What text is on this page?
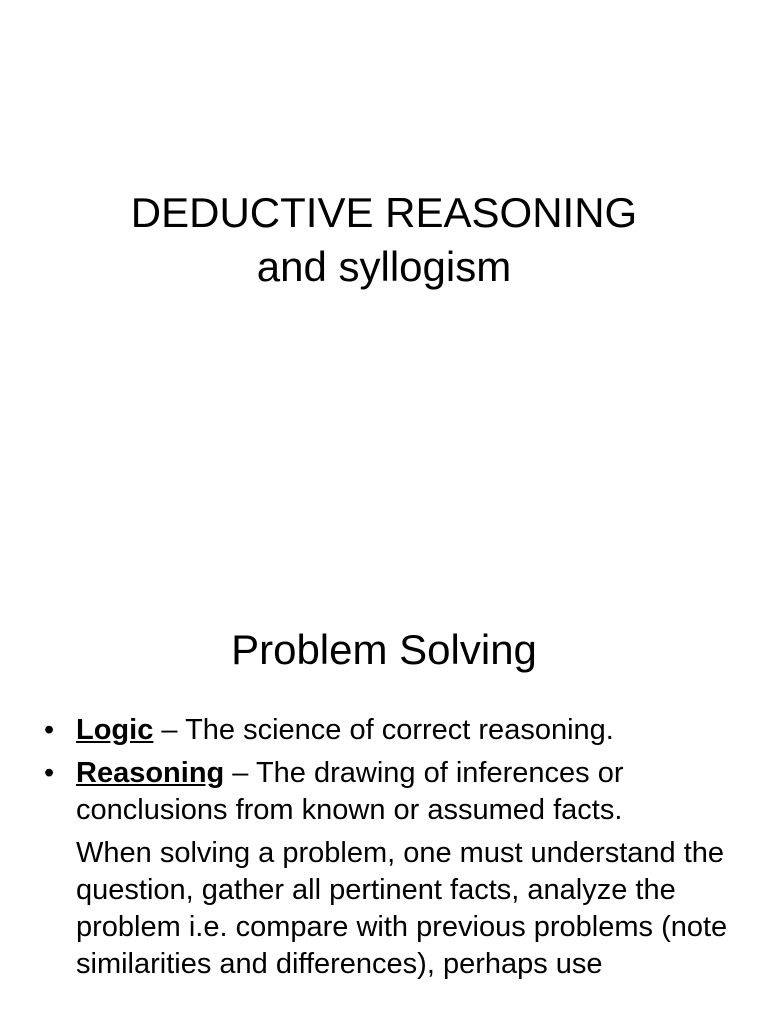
DEDUCTIVE REASONING
and syllogism
Problem Solving
• Logic – The science of correct reasoning.
• Reasoning – The drawing of inferences or conclusions from known or assumed facts.
When solving a problem, one must understand the question, gather all pertinent facts, analyze the problem i.e. compare with previous problems (note similarities and differences), perhaps use
